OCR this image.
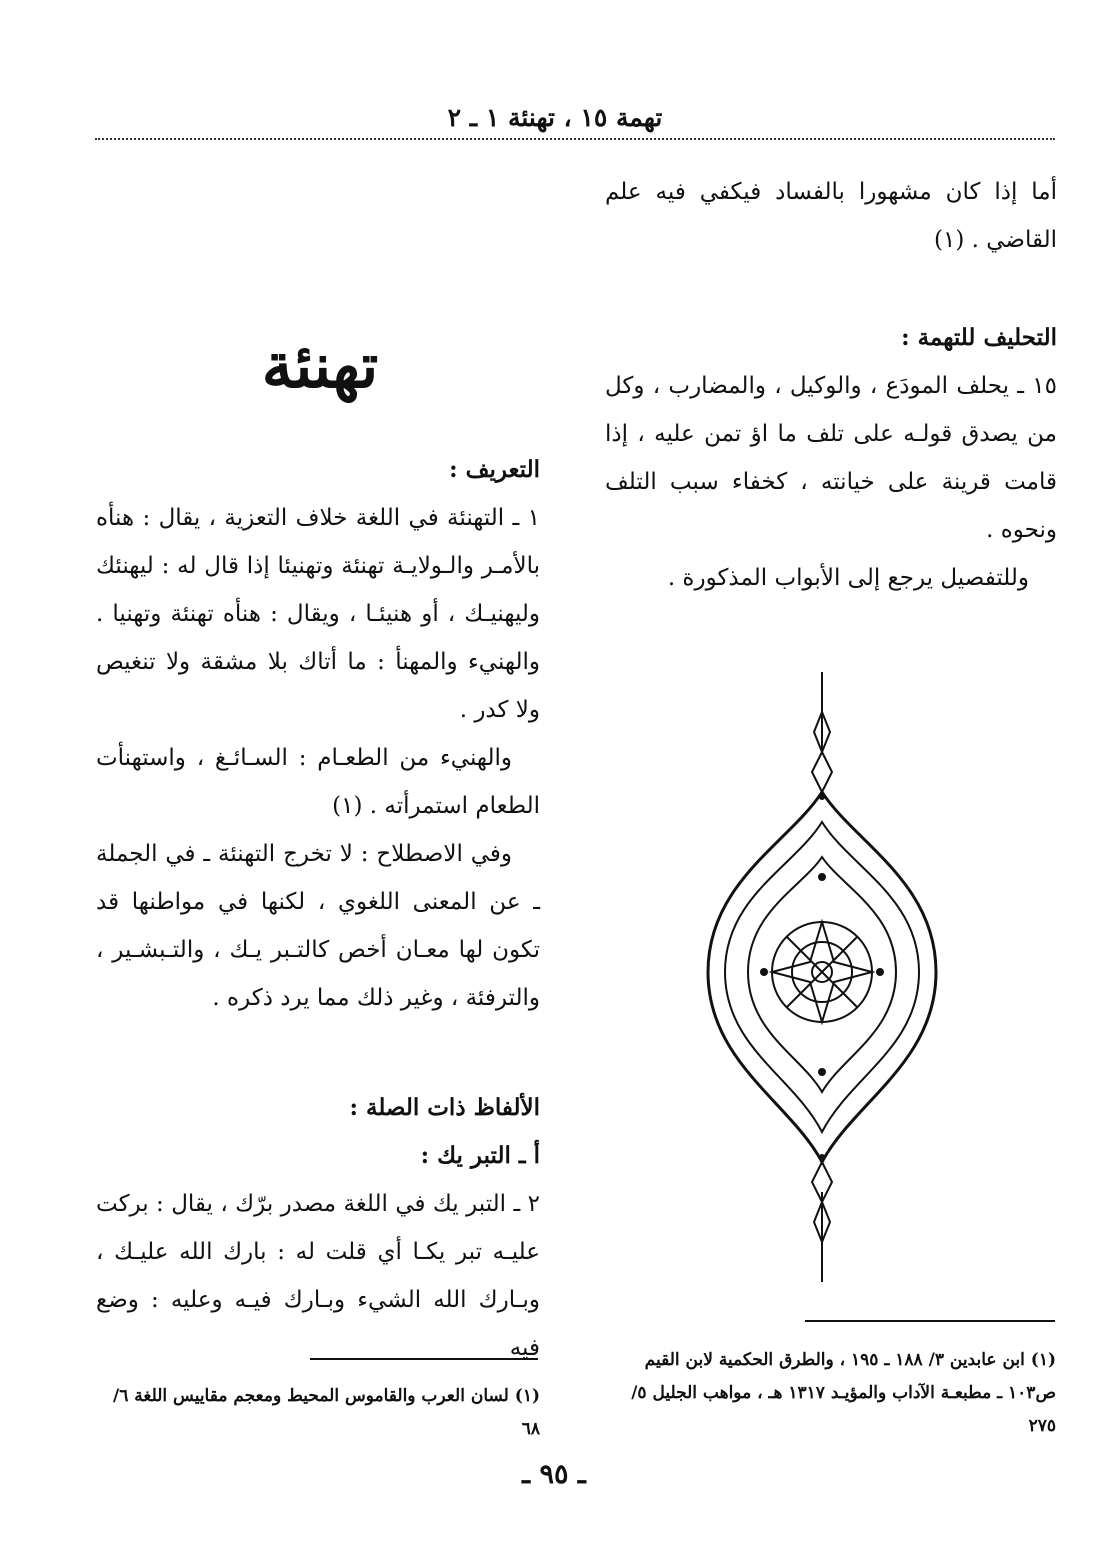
تهمة ١٥ ، تهنئة ١ ـ ٢

أما إذا كان مشهورا بالفساد فيكفي فيه علم القاضي . (١)

التحليف للتهمة :

١٥ ـ يحلف المودَع ، والوكيل ، والمضارب ، وكل من يصدق قولـه على تلف ما اؤ تمن عليه ، إذا قامت قرينة على خيانته ، كخفاء سبب التلف ونحوه .

وللتفصيل يرجع إلى الأبواب المذكورة .

(١) ابن عابدين ٣/ ١٨٨ ـ ١٩٥ ، والطرق الحكمية لابن القيم ص١٠٣ ـ مطبعـة الآداب والمؤيـد ١٣١٧ هـ ، مواهب الجليل ٥/ ٢٧٥
تهنئة

التعريف :

١ ـ التهنئة في اللغة خلاف التعزية ، يقال : هنأه بالأمـر والـولايـة تهنئة وتهنيئا إذا قال له : ليهنئك وليهنيـك ، أو هنيئـا ، ويقال : هنأه تهنئة وتهنيا . والهنيء والمهنأ : ما أتاك بلا مشقة ولا تنغيص ولا كدر .

والهنيء من الطعـام : السـائـغ ، واستهنأت الطعام استمرأته . (١)

وفي الاصطلاح : لا تخرج التهنئة ـ في الجملة ـ عن المعنى اللغوي ، لكنها في مواطنها قد تكون لها معـان أخص كالتـبر يـك ، والتـبشـير ، والترفئة ، وغير ذلك مما يرد ذكره .

الألفاظ ذات الصلة :

أ ـ التبر يك :

٢ ـ التبر يك في اللغة مصدر برّك ، يقال : بركت عليـه تبر يكـا أي قلت له : بارك الله عليـك ، وبـارك الله الشيء وبـارك فيـه وعليه : وضع فيه

(١) لسان العرب والقاموس المحيط ومعجم مقاييس اللغة ٦/ ٦٨
ـ ٩٥ ـ
